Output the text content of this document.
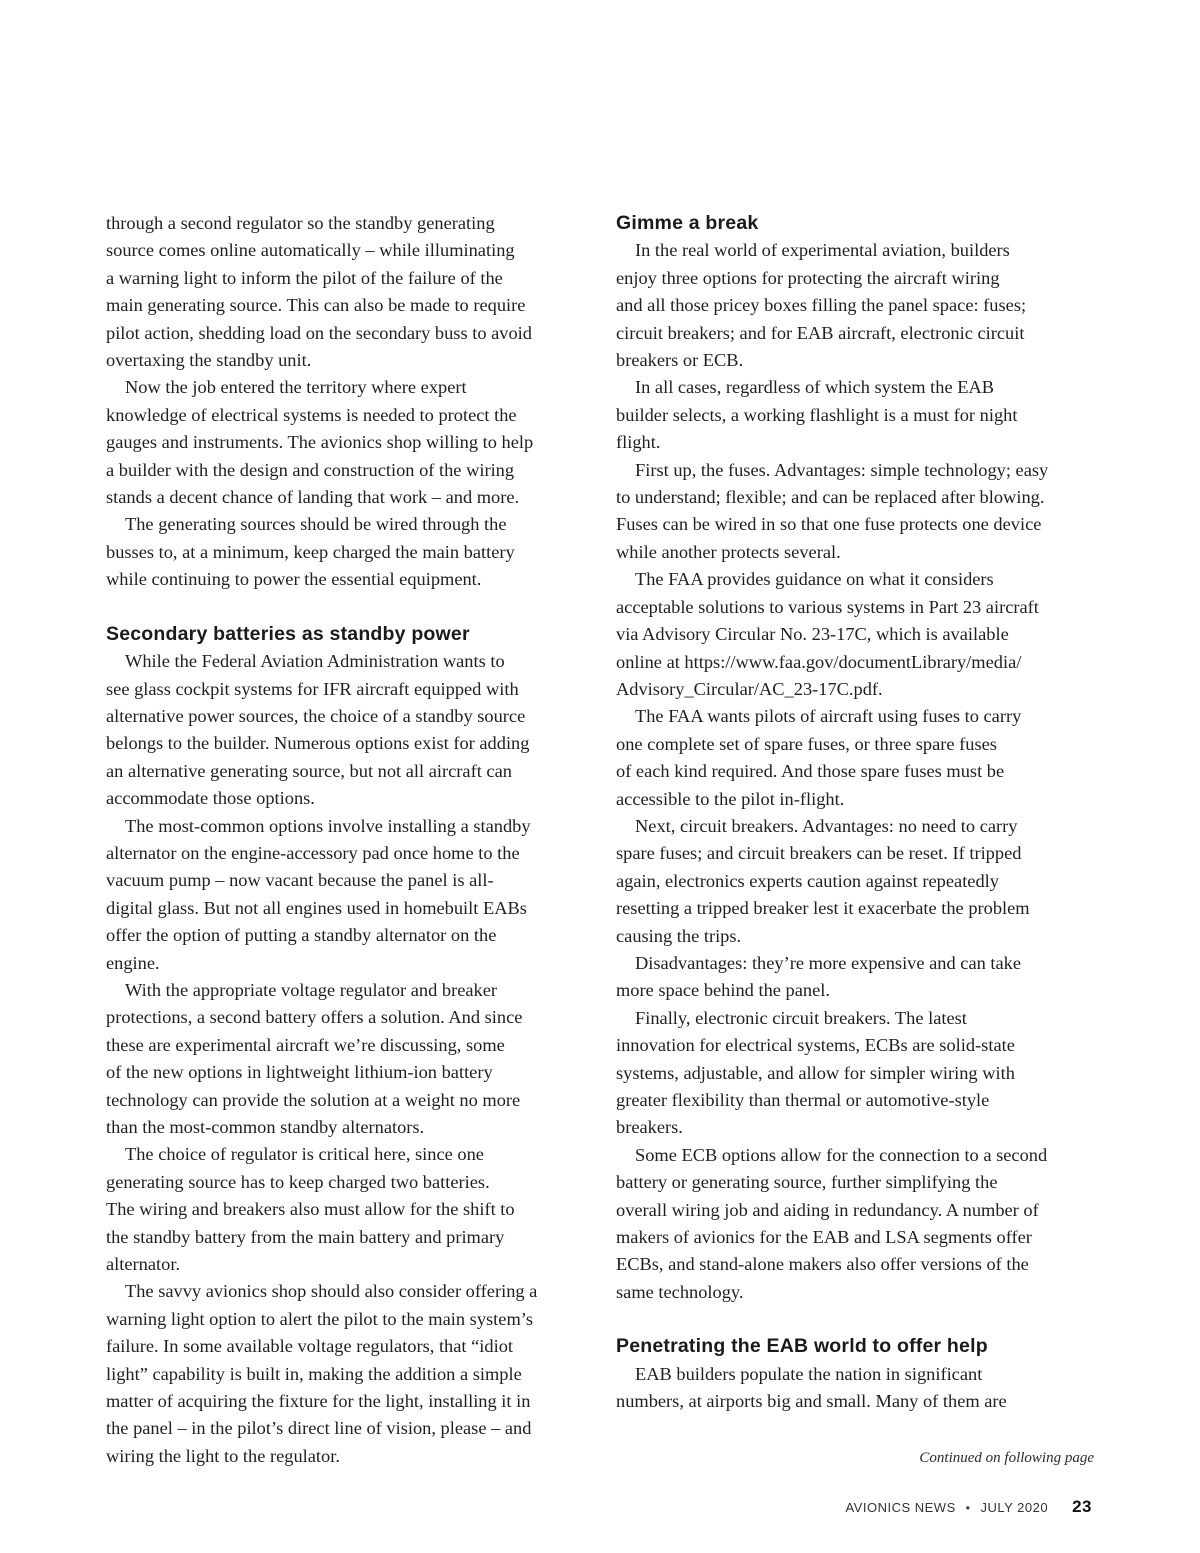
through a second regulator so the standby generating
source comes online automatically – while illuminating
a warning light to inform the pilot of the failure of the
main generating source. This can also be made to require
pilot action, shedding load on the secondary buss to avoid
overtaxing the standby unit.

Now the job entered the territory where expert
knowledge of electrical systems is needed to protect the
gauges and instruments. The avionics shop willing to help
a builder with the design and construction of the wiring
stands a decent chance of landing that work – and more.

The generating sources should be wired through the
busses to, at a minimum, keep charged the main battery
while continuing to power the essential equipment.

Secondary batteries as standby power

While the Federal Aviation Administration wants to
see glass cockpit systems for IFR aircraft equipped with
alternative power sources, the choice of a standby source
belongs to the builder. Numerous options exist for adding
an alternative generating source, but not all aircraft can
accommodate those options.

The most-common options involve installing a standby
alternator on the engine-accessory pad once home to the
vacuum pump – now vacant because the panel is all-
digital glass. But not all engines used in homebuilt EABs
offer the option of putting a standby alternator on the
engine.

With the appropriate voltage regulator and breaker
protections, a second battery offers a solution. And since
these are experimental aircraft we’re discussing, some
of the new options in lightweight lithium-ion battery
technology can provide the solution at a weight no more
than the most-common standby alternators.

The choice of regulator is critical here, since one
generating source has to keep charged two batteries.
The wiring and breakers also must allow for the shift to
the standby battery from the main battery and primary
alternator.

The savvy avionics shop should also consider offering a
warning light option to alert the pilot to the main system’s
failure. In some available voltage regulators, that “idiot
light” capability is built in, making the addition a simple
matter of acquiring the fixture for the light, installing it in
the panel – in the pilot’s direct line of vision, please – and
wiring the light to the regulator.

Gimme a break

In the real world of experimental aviation, builders
enjoy three options for protecting the aircraft wiring
and all those pricey boxes filling the panel space: fuses;
circuit breakers; and for EAB aircraft, electronic circuit
breakers or ECB.

In all cases, regardless of which system the EAB
builder selects, a working flashlight is a must for night
flight.

First up, the fuses. Advantages: simple technology; easy
to understand; flexible; and can be replaced after blowing.
Fuses can be wired in so that one fuse protects one device
while another protects several.

The FAA provides guidance on what it considers
acceptable solutions to various systems in Part 23 aircraft
via Advisory Circular No. 23-17C, which is available
online at https://www.faa.gov/documentLibrary/media/
Advisory_Circular/AC_23-17C.pdf.

The FAA wants pilots of aircraft using fuses to carry
one complete set of spare fuses, or three spare fuses
of each kind required. And those spare fuses must be
accessible to the pilot in-flight.

Next, circuit breakers. Advantages: no need to carry
spare fuses; and circuit breakers can be reset. If tripped
again, electronics experts caution against repeatedly
resetting a tripped breaker lest it exacerbate the problem
causing the trips.

Disadvantages: they’re more expensive and can take
more space behind the panel.

Finally, electronic circuit breakers. The latest
innovation for electrical systems, ECBs are solid-state
systems, adjustable, and allow for simpler wiring with
greater flexibility than thermal or automotive-style
breakers.

Some ECB options allow for the connection to a second
battery or generating source, further simplifying the
overall wiring job and aiding in redundancy. A number of
makers of avionics for the EAB and LSA segments offer
ECBs, and stand-alone makers also offer versions of the
same technology.

Penetrating the EAB world to offer help

EAB builders populate the nation in significant
numbers, at airports big and small. Many of them are

Continued on following page
AVIONICS NEWS • JULY 2020 23
